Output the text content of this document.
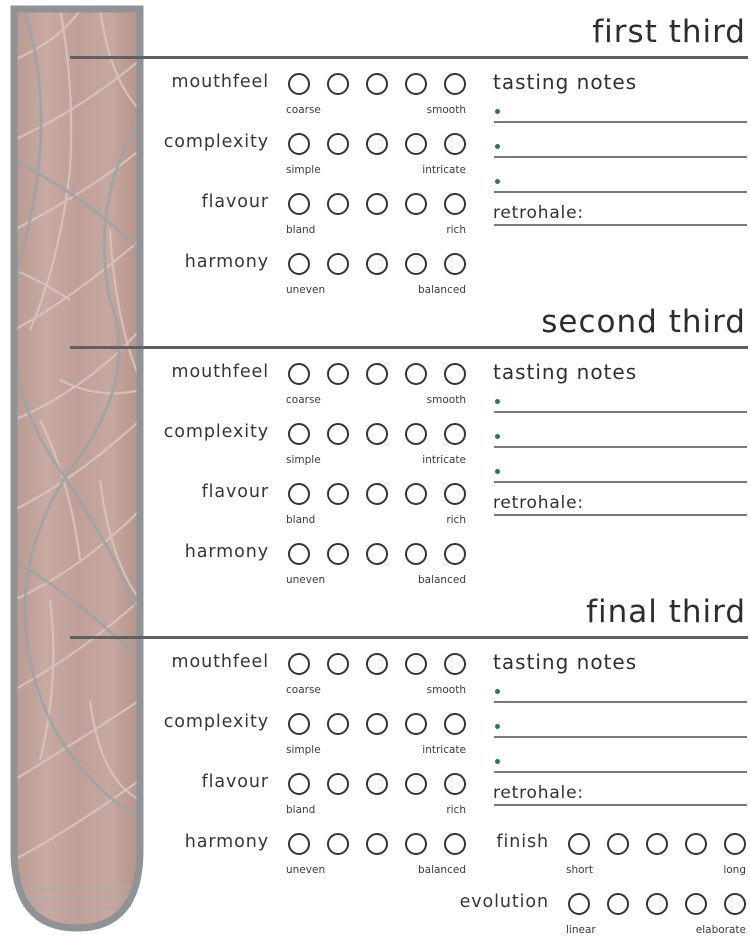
first third
second third
final third
mouthfeel
coarse	smooth
complexity
simple	intricate
flavour
bland	rich
harmony
uneven	balanced
tasting notes
retrohale:
mouthfeel
coarse	smooth
complexity
simple	intricate
flavour
bland	rich
harmony
uneven	balanced
tasting notes
retrohale:
mouthfeel
coarse	smooth
complexity
simple	intricate
flavour
bland	rich
harmony
uneven	balanced
tasting notes
retrohale:
finish
short	long
evolution
linear	elaborate
